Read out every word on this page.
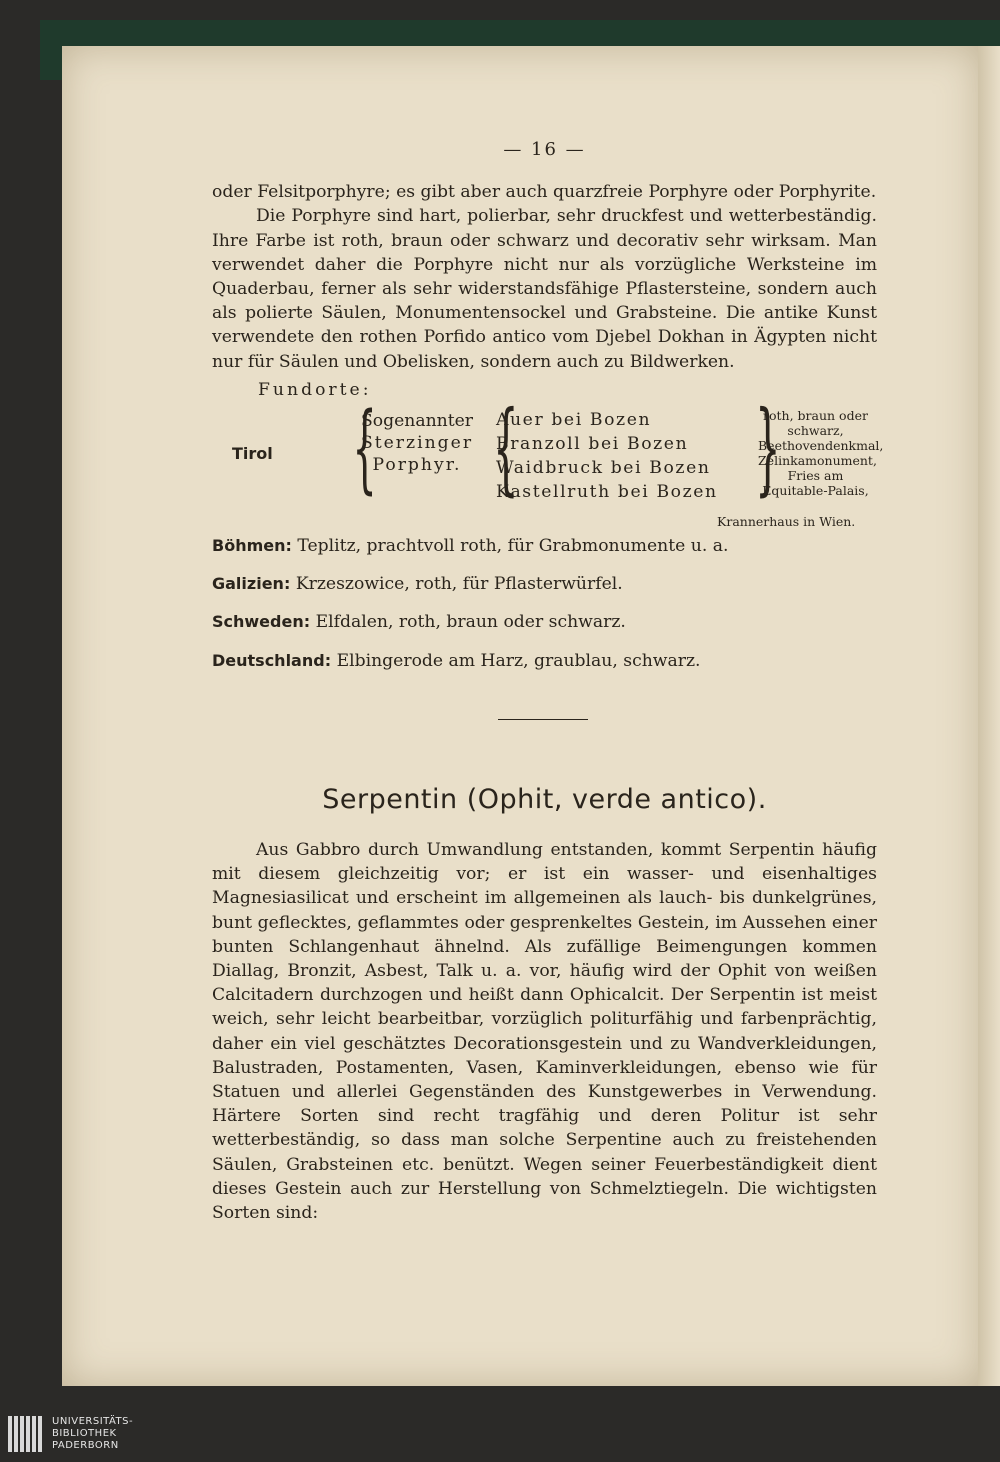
— 16 —

oder Felsitporphyre; es gibt aber auch quarzfreie Porphyre oder Porphyrite.

Die Porphyre sind hart, polierbar, sehr druckfest und wetterbeständig. Ihre Farbe ist roth, braun oder schwarz und decorativ sehr wirksam. Man verwendet daher die Porphyre nicht nur als vorzügliche Werksteine im Quaderbau, ferner als sehr widerstandsfähige Pflastersteine, sondern auch als polierte Säulen, Monumentensockel und Grabsteine. Die antike Kunst verwendete den rothen Porfido antico vom Djebel Dokhan in Ägypten nicht nur für Säulen und Obelisken, sondern auch zu Bildwerken.

Fundorte:
Tirol {
Sogenannter
Sterzinger
Porphyr. {
Auer bei Bozen
Branzoll bei Bozen
Waidbruck bei Bozen
Kastellruth bei Bozen }
roth, braun oder schwarz, Beethovendenkmal, Zelinkamonument, Fries am Equitable-Palais,
Krannerhaus in Wien.
Böhmen: Teplitz, prachtvoll roth, für Grabmonumente u. a.
Galizien: Krzeszowice, roth, für Pflasterwürfel.
Schweden: Elfdalen, roth, braun oder schwarz.
Deutschland: Elbingerode am Harz, graublau, schwarz.
Serpentin (Ophit, verde antico).

Aus Gabbro durch Umwandlung entstanden, kommt Serpentin häufig mit diesem gleichzeitig vor; er ist ein wasser- und eisenhaltiges Magnesiasilicat und erscheint im allgemeinen als lauch- bis dunkelgrünes, bunt geflecktes, geflammtes oder gesprenkeltes Gestein, im Aussehen einer bunten Schlangenhaut ähnelnd. Als zufällige Beimengungen kommen Diallag, Bronzit, Asbest, Talk u. a. vor, häufig wird der Ophit von weißen Calcitadern durchzogen und heißt dann Ophicalcit. Der Serpentin ist meist weich, sehr leicht bearbeitbar, vorzüglich politurfähig und farbenprächtig, daher ein viel geschätztes Decorationsgestein und zu Wandverkleidungen, Balustraden, Postamenten, Vasen, Kaminverkleidungen, ebenso wie für Statuen und allerlei Gegenständen des Kunstgewerbes in Verwendung. Härtere Sorten sind recht tragfähig und deren Politur ist sehr wetterbeständig, so dass man solche Serpentine auch zu freistehenden Säulen, Grabsteinen etc. benützt. Wegen seiner Feuerbeständigkeit dient dieses Gestein auch zur Herstellung von Schmelztiegeln. Die wichtigsten Sorten sind:

UNIVERSITÄTS-
BIBLIOTHEK
PADERBORN
